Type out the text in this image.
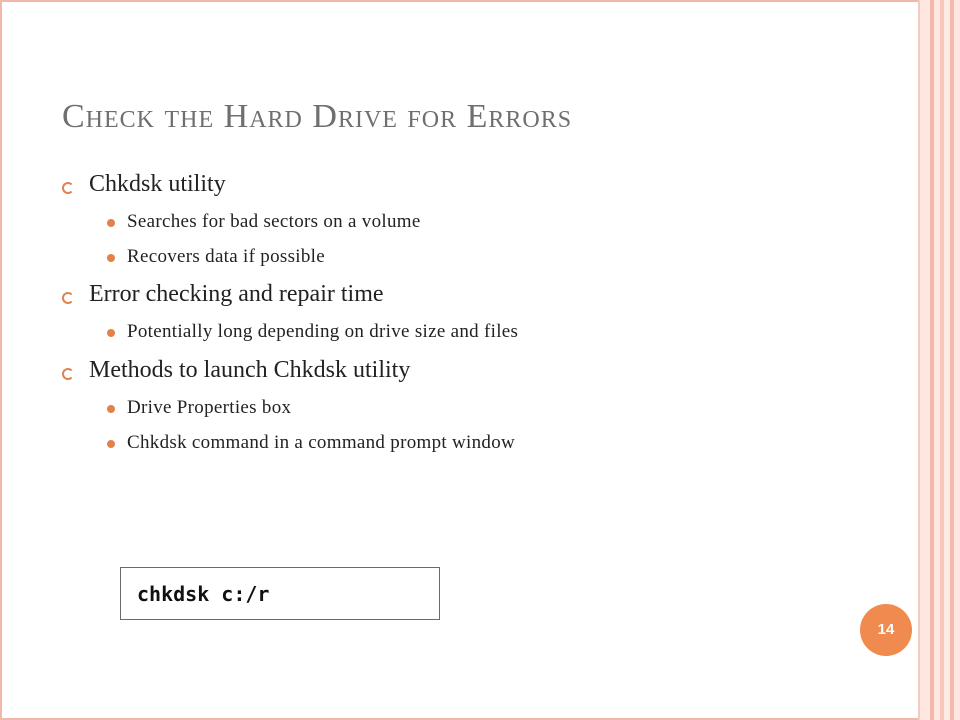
Check the Hard Drive for Errors
Chkdsk utility
Searches for bad sectors on a volume
Recovers data if possible
Error checking and repair time
Potentially long depending on drive size and files
Methods to launch Chkdsk utility
Drive Properties box
Chkdsk command in a command prompt window
chkdsk c:/r
14
